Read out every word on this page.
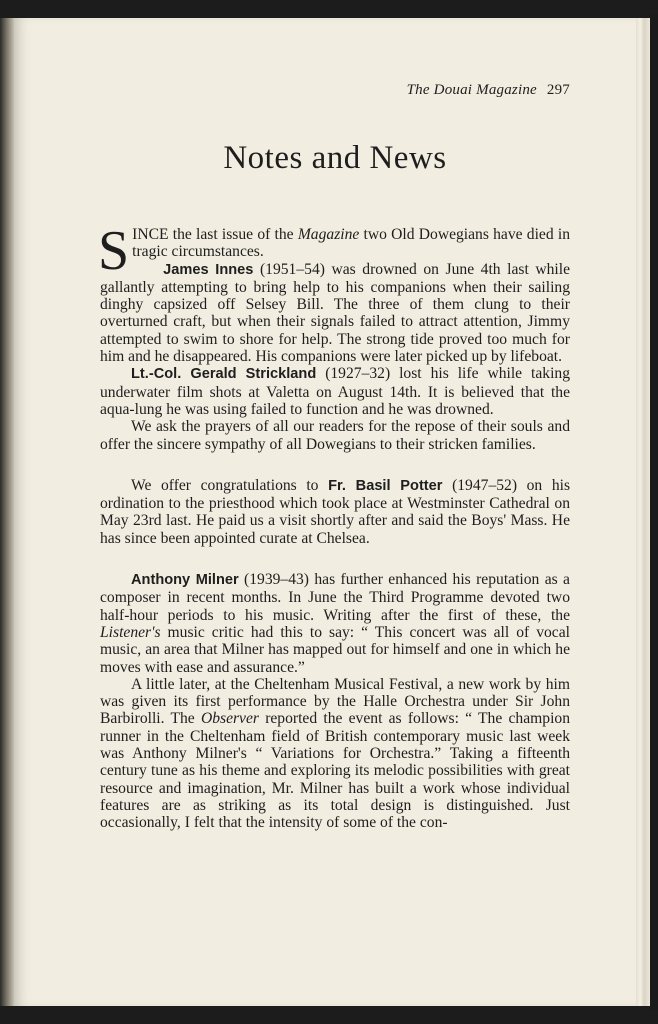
The Douai Magazine 297
Notes and News

SINCE the last issue of the Magazine two Old Dowegians have died in tragic circumstances.

James Innes (1951–54) was drowned on June 4th last while gallantly attempting to bring help to his companions when their sailing dinghy capsized off Selsey Bill. The three of them clung to their overturned craft, but when their signals failed to attract attention, Jimmy attempted to swim to shore for help. The strong tide proved too much for him and he disappeared. His companions were later picked up by lifeboat.

Lt.-Col. Gerald Strickland (1927–32) lost his life while taking underwater film shots at Valetta on August 14th. It is believed that the aqua-lung he was using failed to function and he was drowned.

We ask the prayers of all our readers for the repose of their souls and offer the sincere sympathy of all Dowegians to their stricken families.

We offer congratulations to Fr. Basil Potter (1947–52) on his ordination to the priesthood which took place at Westminster Cathedral on May 23rd last. He paid us a visit shortly after and said the Boys' Mass. He has since been appointed curate at Chelsea.

Anthony Milner (1939–43) has further enhanced his reputation as a composer in recent months. In June the Third Programme devoted two half-hour periods to his music. Writing after the first of these, the Listener's music critic had this to say: “ This concert was all of vocal music, an area that Milner has mapped out for himself and one in which he moves with ease and assurance.”

A little later, at the Cheltenham Musical Festival, a new work by him was given its first performance by the Halle Orchestra under Sir John Barbirolli. The Observer reported the event as follows: “ The champion runner in the Cheltenham field of British contemporary music last week was Anthony Milner's “ Variations for Orchestra.” Taking a fifteenth century tune as his theme and exploring its melodic possibilities with great resource and imagination, Mr. Milner has built a work whose individual features are as striking as its total design is distinguished. Just occasionally, I felt that the intensity of some of the con-
